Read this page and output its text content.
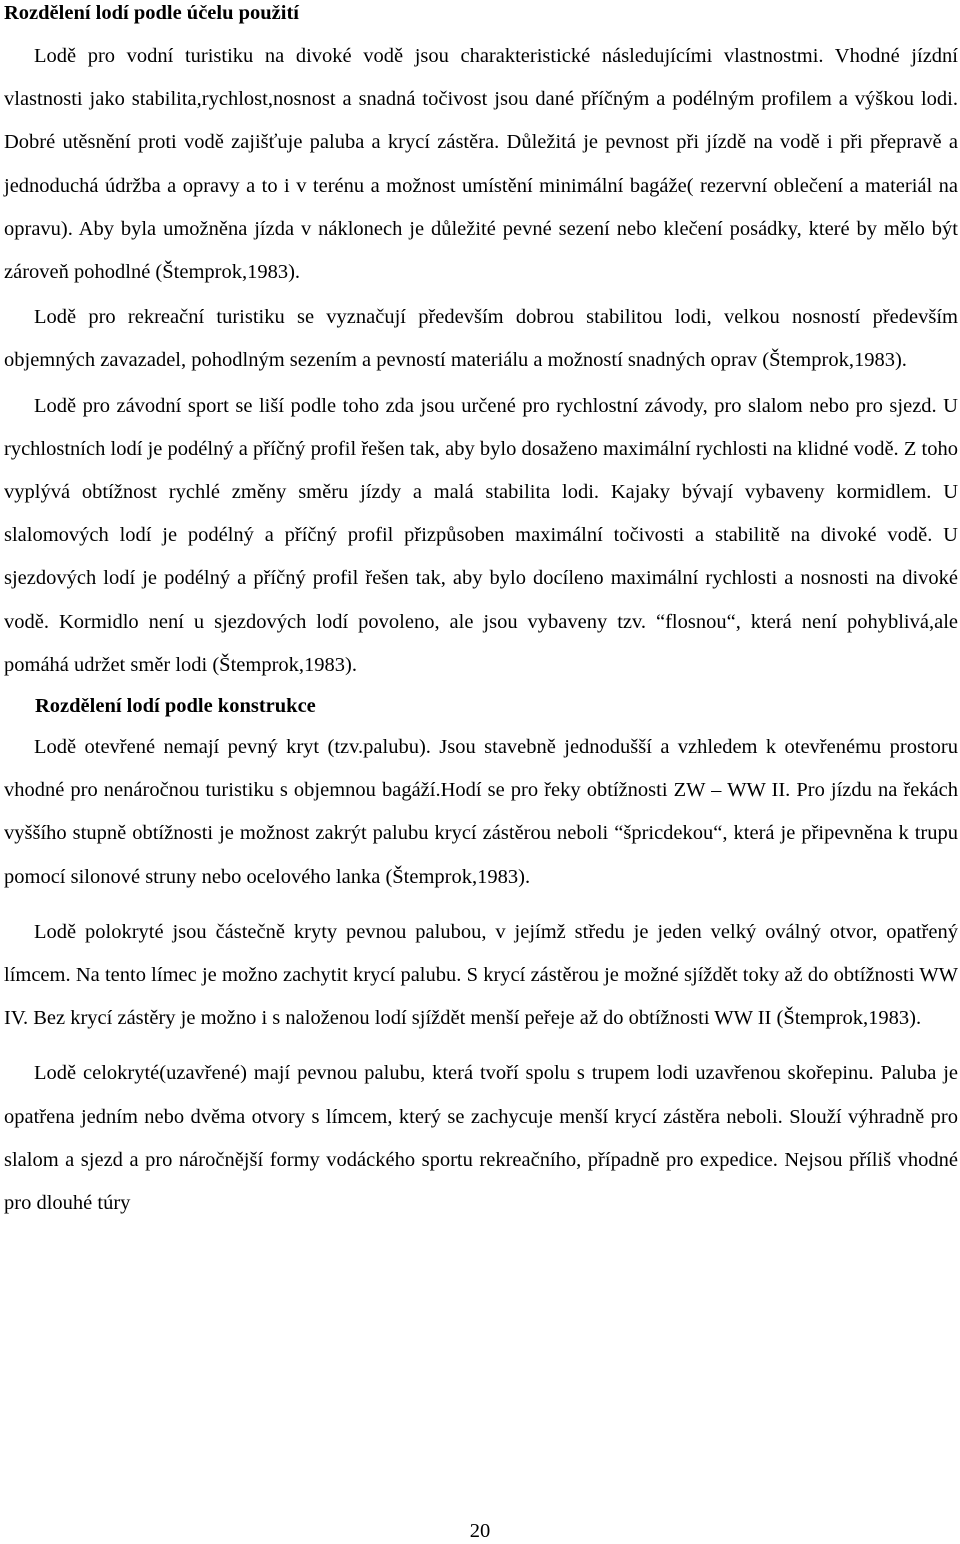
Rozdělení lodí podle účelu použití

Lodě pro vodní turistiku na divoké vodě jsou charakteristické následujícími vlastnostmi. Vhodné jízdní vlastnosti jako stabilita,rychlost,nosnost a snadná točivost jsou dané příčným a podélným profilem a výškou lodi. Dobré utěsnění proti vodě zajišťuje paluba a krycí zástěra. Důležitá je pevnost při jízdě na vodě i při přepravě a jednoduchá údržba a opravy a to i v terénu a možnost umístění minimální bagáže( rezervní oblečení a materiál na opravu). Aby byla umožněna jízda v náklonech je důležité pevné sezení nebo klečení posádky, které by mělo být zároveň pohodlné (Štemprok,1983).

Lodě pro rekreační turistiku se vyznačují především dobrou stabilitou lodi, velkou nosností především objemných zavazadel, pohodlným sezením a pevností materiálu a možností snadných oprav (Štemprok,1983).

Lodě pro závodní sport se liší podle toho zda jsou určené pro rychlostní závody, pro slalom nebo pro sjezd. U rychlostních lodí je podélný a příčný profil řešen tak, aby bylo dosaženo maximální rychlosti na klidné vodě. Z toho vyplývá obtížnost rychlé změny směru jízdy a malá stabilita lodi. Kajaky bývají vybaveny kormidlem. U slalomových lodí je podélný a příčný profil přizpůsoben maximální točivosti a stabilitě na divoké vodě. U sjezdových lodí je podélný a příčný profil řešen tak, aby bylo docíleno maximální rychlosti a nosnosti na divoké vodě. Kormidlo není u sjezdových lodí povoleno, ale jsou vybaveny tzv. “flosnou“, která není pohyblivá,ale pomáhá udržet směr lodi (Štemprok,1983).

Rozdělení lodí podle konstrukce

Lodě otevřené nemají pevný kryt (tzv.palubu). Jsou stavebně jednodušší a vzhledem k otevřenému prostoru vhodné pro nenáročnou turistiku s objemnou bagáží.Hodí se pro řeky obtížnosti ZW – WW II. Pro jízdu na řekách vyššího stupně obtížnosti je možnost zakrýt palubu krycí zástěrou neboli “špricdekou“, která je připevněna k trupu pomocí silonové struny nebo ocelového lanka (Štemprok,1983).

Lodě polokryté jsou částečně kryty pevnou palubou, v jejímž středu je jeden velký oválný otvor, opatřený límcem. Na tento límec je možno zachytit krycí palubu. S krycí zástěrou je možné sjíždět toky až do obtížnosti WW IV. Bez krycí zástěry je možno i s naloženou lodí sjíždět menší peřeje až do obtížnosti WW II (Štemprok,1983).

Lodě celokryté(uzavřené) mají pevnou palubu, která tvoří spolu s trupem lodi uzavřenou skořepinu. Paluba je opatřena jedním nebo dvěma otvory s límcem, který se zachycuje menší krycí zástěra neboli. Slouží výhradně pro slalom a sjezd a pro náročnější formy vodáckého sportu rekreačního, případně pro expedice. Nejsou příliš vhodné pro dlouhé túry

20
